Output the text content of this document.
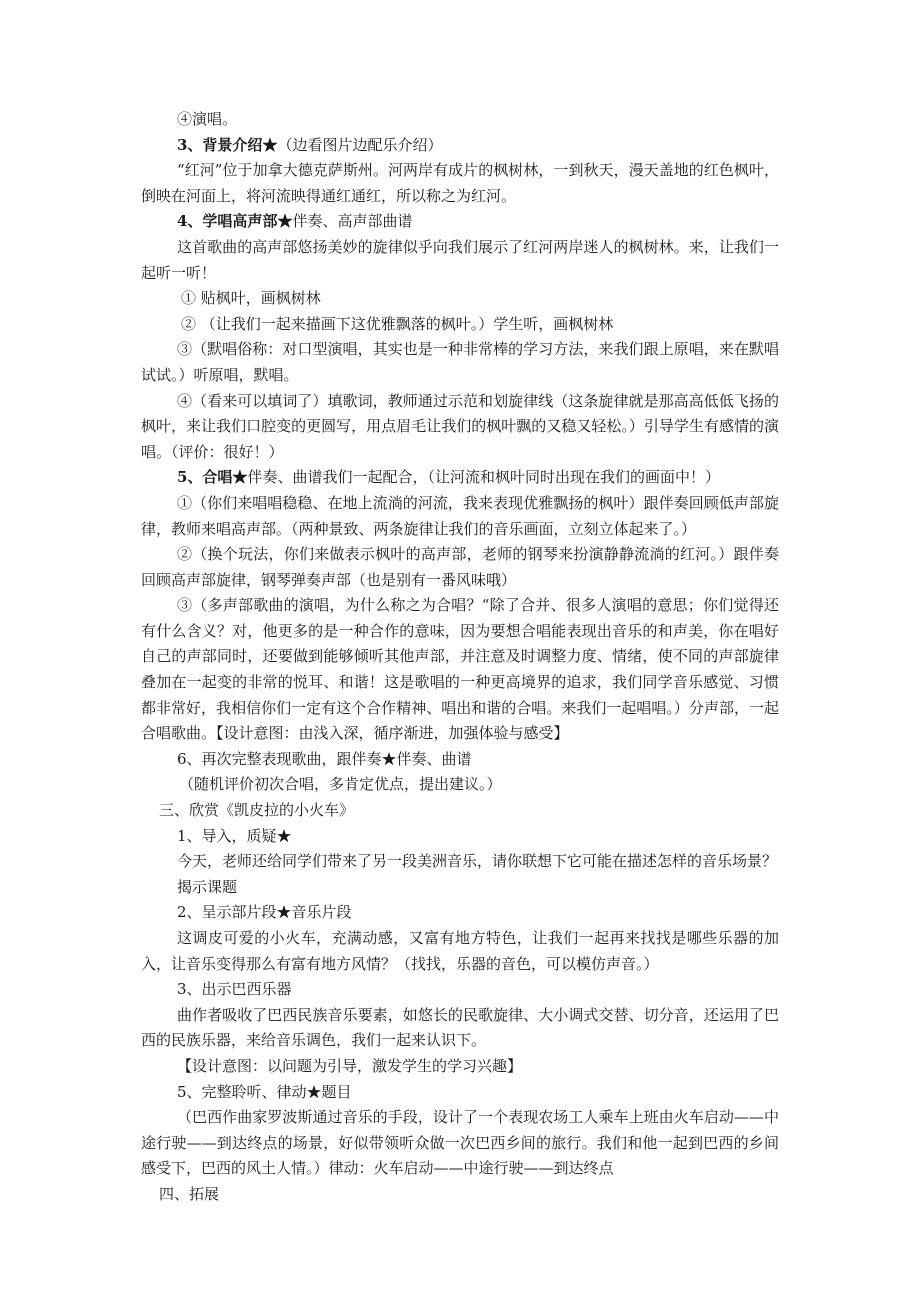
④演唱。

3、背景介绍★（边看图片边配乐介绍）

“红河”位于加拿大德克萨斯州。河两岸有成片的枫树林，一到秋天，漫天盖地的红色枫叶，倒映在河面上，将河流映得通红通红，所以称之为红河。

4、学唱高声部★伴奏、高声部曲谱

这首歌曲的高声部悠扬美妙的旋律似乎向我们展示了红河两岸迷人的枫树林。来，让我们一起听一听！

① 贴枫叶，画枫树林

② （让我们一起来描画下这优雅飘落的枫叶。）学生听，画枫树林

③（默唱俗称：对口型演唱，其实也是一种非常棒的学习方法，来我们跟上原唱，来在默唱试试。）听原唱，默唱。

④（看来可以填词了）填歌词，教师通过示范和划旋律线（这条旋律就是那高高低低飞扬的枫叶，来让我们口腔变的更圆写，用点眉毛让我们的枫叶飘的又稳又轻松。）引导学生有感情的演唱。（评价：很好！）

5、合唱★伴奏、曲谱我们一起配合，（让河流和枫叶同时出现在我们的画面中！）

①（你们来唱唱稳稳、在地上流淌的河流，我来表现优雅飘扬的枫叶）跟伴奏回顾低声部旋律，教师来唱高声部。（两种景致、两条旋律让我们的音乐画面，立刻立体起来了。）

②（换个玩法，你们来做表示枫叶的高声部，老师的钢琴来扮演静静流淌的红河。）跟伴奏回顾高声部旋律，钢琴弹奏声部（也是别有一番风味哦）

③（多声部歌曲的演唱，为什么称之为合唱？“除了合并、很多人演唱的意思；你们觉得还有什么含义？对，他更多的是一种合作的意味，因为要想合唱能表现出音乐的和声美，你在唱好自己的声部同时，还要做到能够倾听其他声部，并注意及时调整力度、情绪，使不同的声部旋律叠加在一起变的非常的悦耳、和谐！这是歌唱的一种更高境界的追求，我们同学音乐感觉、习惯都非常好，我相信你们一定有这个合作精神、唱出和谐的合唱。来我们一起唱唱。）分声部，一起合唱歌曲。【设计意图：由浅入深，循序渐进，加强体验与感受】

6、再次完整表现歌曲，跟伴奏★伴奏、曲谱

（随机评价初次合唱，多肯定优点，提出建议。）

三、欣赏《凯皮拉的小火车》

1、导入，质疑★

今天，老师还给同学们带来了另一段美洲音乐，请你联想下它可能在描述怎样的音乐场景？

揭示课题

2、呈示部片段★音乐片段

这调皮可爱的小火车，充满动感，又富有地方特色，让我们一起再来找找是哪些乐器的加入，让音乐变得那么有富有地方风情？（找找，乐器的音色，可以模仿声音。）

3、出示巴西乐器

曲作者吸收了巴西民族音乐要素，如悠长的民歌旋律、大小调式交替、切分音，还运用了巴西的民族乐器，来给音乐调色，我们一起来认识下。

【设计意图：以问题为引导，激发学生的学习兴趣】

5、完整聆听、律动★题目

（巴西作曲家罗波斯通过音乐的手段，设计了一个表现农场工人乘车上班由火车启动——中途行驶——到达终点的场景，好似带领听众做一次巴西乡间的旅行。我们和他一起到巴西的乡间感受下，巴西的风土人情。）律动：火车启动——中途行驶——到达终点

四、拓展
